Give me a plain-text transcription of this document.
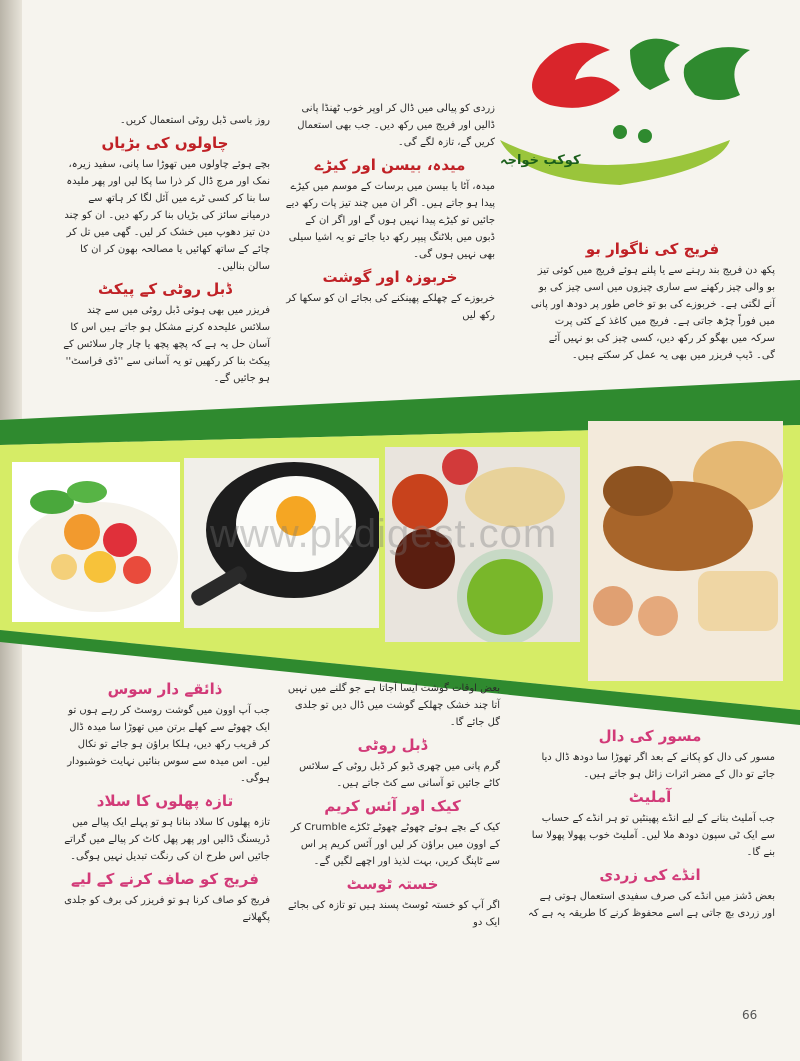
کوکب خواجہ
فریج کی ناگوار بو

پکھ دن فریج بند رہنے سے یا پلنے ہوئے فریج میں کوئی تیز بو والی چیز رکھنے سے ساری چیزوں میں اسی چیز کی بو آنے لگتی ہے۔ خربوزے کی بو تو خاص طور پر دودھ اور پانی میں فوراً چڑھ جاتی ہے۔ فریج میں کاغذ کے کئی پرت سرکہ میں بھگو کر رکھ دیں، کسی چیز کی بو نہیں آئے گی۔ ڈیپ فریزر میں بھی یہ عمل کر سکتے ہیں۔

زردی کو پیالی میں ڈال کر اوپر خوب ٹھنڈا پانی ڈالیں اور فریج میں رکھ دیں۔ جب بھی استعمال کریں گے، تازہ لگے گی۔

میدہ، بیسن اور کیڑے

میدہ، آٹا یا بیسن میں برسات کے موسم میں کیڑے پیدا ہو جاتے ہیں۔ اگر ان میں چند تیز پات رکھ دیے جائیں تو کیڑے پیدا نہیں ہوں گے اور اگر ان کے ڈبوں میں بلاٹنگ پیپر رکھ دیا جائے تو یہ اشیا سیلی بھی نہیں ہوں گی۔

خربوزہ اور گوشت

خربوزے کے چھلکے پھینکنے کی بجائے ان کو سکھا کر رکھ لیں

روز باسی ڈبل روٹی استعمال کریں۔

چاولوں کی بڑیاں

بچے ہوئے چاولوں میں تھوڑا سا پانی، سفید زیرہ، نمک اور مرچ ڈال کر ذرا سا پکا لیں اور پھر ملیدہ سا بنا کر کسی ٹرے میں آئل لگا کر ہاتھ سے درمیانے سائز کی بڑیاں بنا کر رکھ دیں۔ ان کو چند دن تیز دھوپ میں خشک کر لیں۔ گھی میں تل کر چائے کے ساتھ کھائیں یا مصالحہ بھون کر ان کا سالن بنالیں۔

ڈبل روٹی کے پیکٹ

فریزر میں بھی ہوئی ڈبل روٹی میں سے چند سلائس علیحدہ کرنے مشکل ہو جاتے ہیں اس کا آسان حل یہ ہے کہ پچھ پچھ یا چار چار سلائس کے پیکٹ بنا کر رکھیں تو یہ آسانی سے ''ڈی فراسٹ'' ہو جائیں گے۔

www.pkdigest.com
مسور کی دال

مسور کی دال کو پکانے کے بعد اگر تھوڑا سا دودھ ڈال دیا جائے تو دال کے مضر اثرات زائل ہو جاتے ہیں۔

آملیٹ

جب آملیٹ بنانے کے لیے انڈے پھینٹیں تو ہر انڈے کے حساب سے ایک ٹی سپون دودھ ملا لیں۔ آملیٹ خوب پھولا پھولا سا بنے گا۔

انڈے کی زردی

بعض ڈشز میں انڈے کی صرف سفیدی استعمال ہوتی ہے اور زردی بچ جاتی ہے اسے محفوظ کرنے کا طریقہ یہ ہے کہ

بعض اوقات گوشت ایسا آجاتا ہے جو گلنے میں نہیں آتا چند خشک چھلکے گوشت میں ڈال دیں تو جلدی گل جائے گا۔

ڈبل روٹی

گرم پانی میں چھری ڈبو کر ڈبل روٹی کے سلائس کاٹے جائیں تو آسانی سے کٹ جاتے ہیں۔

کیک اور آئس کریم

کیک کے بچے ہوئے چھوٹے چھوٹے ٹکڑے Crumble کر کے اوون میں براؤن کر لیں اور آئس کریم پر اس سے ٹاپنگ کریں، بہت لذیذ اور اچھے لگیں گے۔

خستہ ٹوسٹ

اگر آپ کو خستہ ٹوسٹ پسند ہیں تو تازہ کی بجائے ایک دو

ذائقے دار سوس

جب آپ اوون میں گوشت روسٹ کر رہے ہوں تو ایک چھوٹے سے کھلے برتن میں تھوڑا سا میدہ ڈال کر قریب رکھ دیں، ہلکا براؤن ہو جائے تو نکال لیں۔ اس میدہ سے سوس بنائیں نہایت خوشبودار ہوگی۔

تازہ پھلوں کا سلاد

تازہ پھلوں کا سلاد بنانا ہو تو پہلے ایک پیالے میں ڈریسنگ ڈالیں اور پھر پھل کاٹ کر پیالے میں گراتے جائیں اس طرح ان کی رنگت تبدیل نہیں ہوگی۔

فریج کو صاف کرنے کے لیے

فریج کو صاف کرنا ہو تو فریزر کی برف کو جلدی پگھلانے

66
